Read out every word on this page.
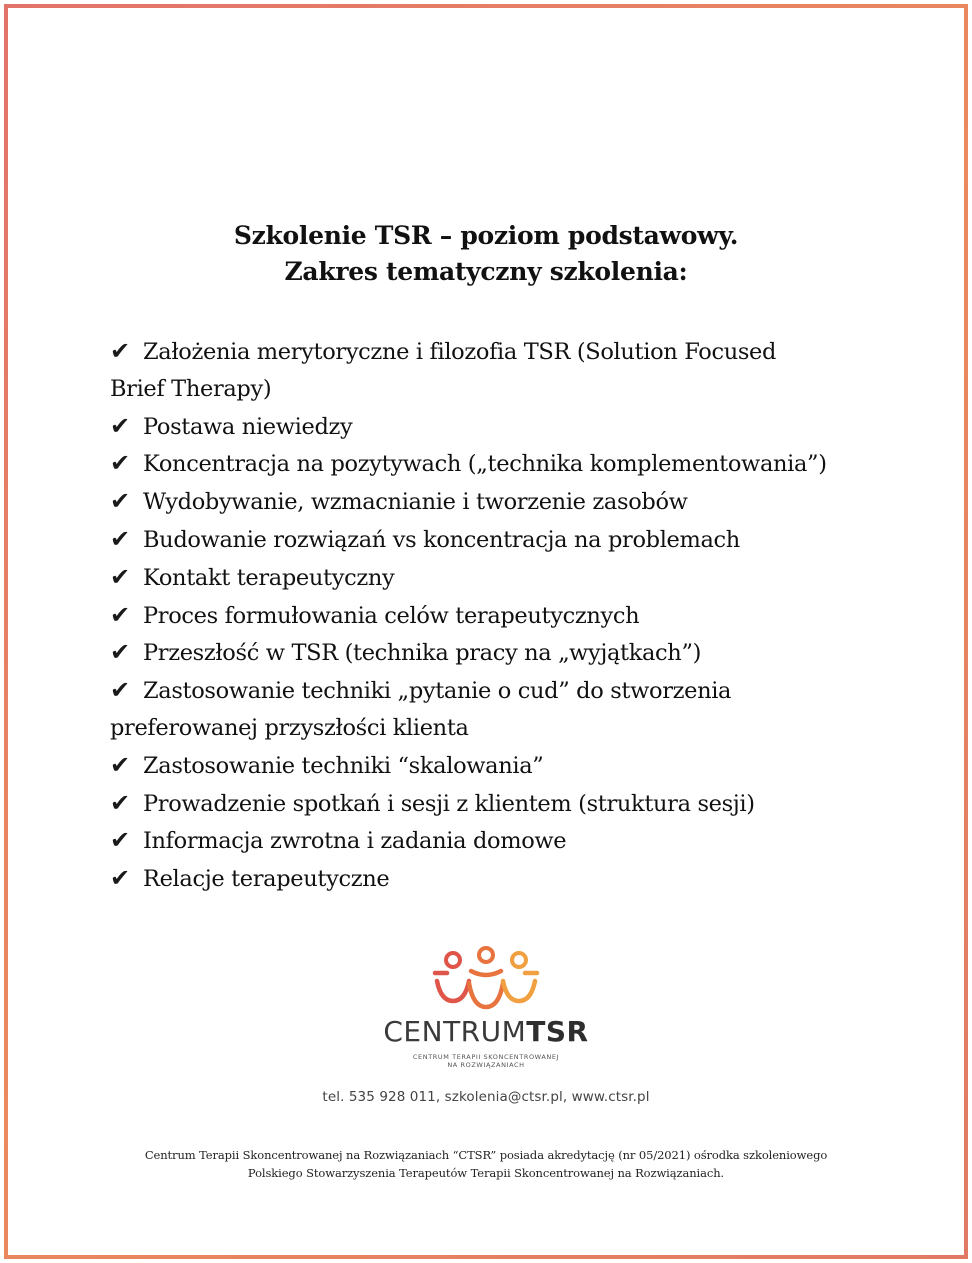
Szkolenie TSR – poziom podstawowy.
Zakres tematyczny szkolenia:
✔ Założenia merytoryczne i filozofia TSR (Solution Focused
Brief Therapy)
✔ Postawa niewiedzy
✔ Koncentracja na pozytywach („technika komplementowania”)
✔ Wydobywanie, wzmacnianie i tworzenie zasobów
✔ Budowanie rozwiązań vs koncentracja na problemach
✔ Kontakt terapeutyczny
✔ Proces formułowania celów terapeutycznych
✔ Przeszłość w TSR (technika pracy na „wyjątkach”)
✔ Zastosowanie techniki „pytanie o cud” do stworzenia
preferowanej przyszłości klienta
✔ Zastosowanie techniki “skalowania”
✔ Prowadzenie spotkań i sesji z klientem (struktura sesji)
✔ Informacja zwrotna i zadania domowe
✔ Relacje terapeutyczne
CENTRUMTSR
CENTRUM TERAPII SKONCENTROWANEJ
NA ROZWIĄZANIACH
tel. 535 928 011, szkolenia@ctsr.pl, www.ctsr.pl
Centrum Terapii Skoncentrowanej na Rozwiązaniach “CTSR” posiada akredytację (nr 05/2021) ośrodka szkoleniowego
Polskiego Stowarzyszenia Terapeutów Terapii Skoncentrowanej na Rozwiązaniach.
